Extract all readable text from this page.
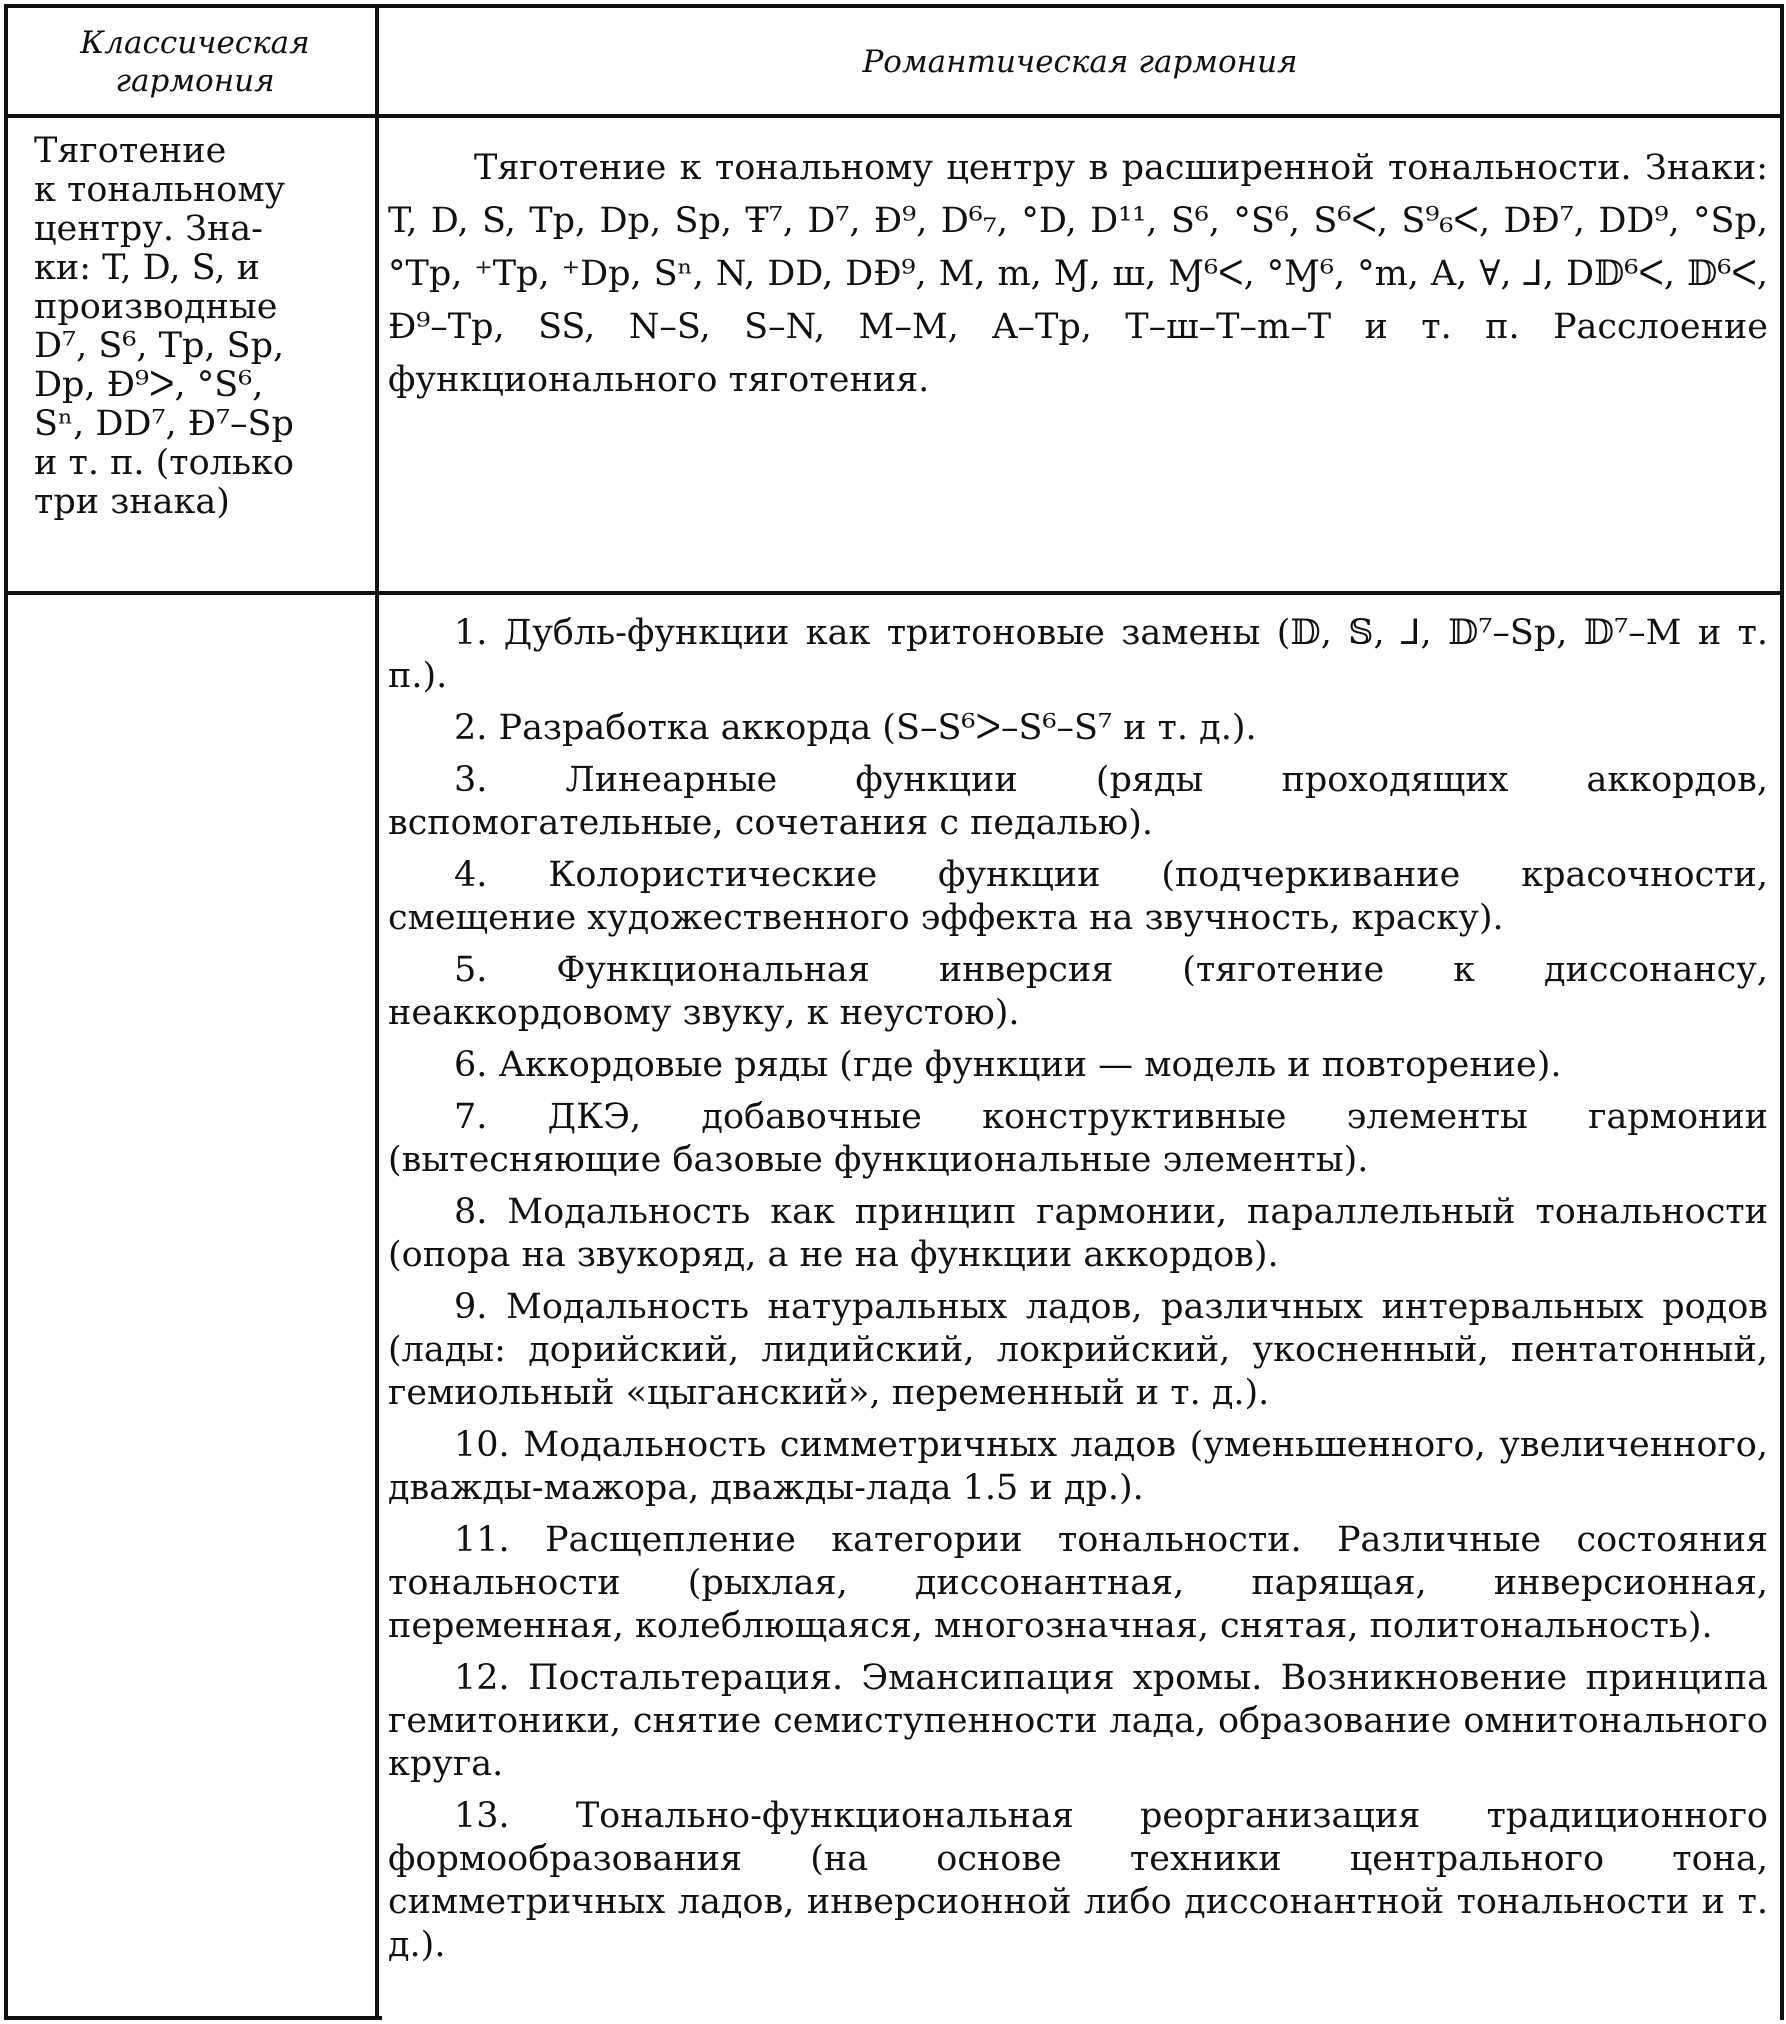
Классическая гармония
Романтическая гармония
Тяготение
к тональному
центру. Зна-
ки: T, D, S, и
производные
D⁷, S⁶, Tp, Sp,
Dp, Đ⁹ᐳ, °S⁶,
Sⁿ, DD⁷, Đ⁷–Sp
и т. п. (только
три знака)
Тяготение к тональному центру в расширенной тональности. Знаки: T, D, S, Tp, Dp, Sp, Ŧ⁷, D⁷, Đ⁹, D⁶₇, °D, D¹¹, S⁶, °S⁶, S⁶ᐸ, S⁹₆ᐸ, DĐ⁷, DD⁹, °Sp, °Tp, ⁺Tp, ⁺Dp, Sⁿ, N, DD, DĐ⁹, M, m, Ɱ, ш, Ɱ⁶ᐸ, °Ɱ⁶, °m, A, ∀, ⅃, D𝔻⁶ᐸ, 𝔻⁶ᐸ, Đ⁹–Tp, SS, N–S, S–N, M–M, A–Tp, T–ш–T–m–T и т. п. Расслоение функционального тяготения.
1. Дубль-функции как тритоновые замены (𝔻, 𝕊, ⅃, 𝔻⁷–Sp, 𝔻⁷–M и т. п.).
2. Разработка аккорда (S–S⁶ᐳ–S⁶–S⁷ и т. д.).
3. Линеарные функции (ряды проходящих аккордов, вспомогательные, сочетания с педалью).
4. Колористические функции (подчеркивание красочности, смещение художественного эффекта на звучность, краску).
5. Функциональная инверсия (тяготение к диссонансу, неаккордовому звуку, к неустою).
6. Аккордовые ряды (где функции — модель и повторение).
7. ДКЭ, добавочные конструктивные элементы гармонии (вытесняющие базовые функциональные элементы).
8. Модальность как принцип гармонии, параллельный тональности (опора на звукоряд, а не на функции аккордов).
9. Модальность натуральных ладов, различных интервальных родов (лады: дорийский, лидийский, локрийский, укосненный, пентатонный, гемиольный «цыганский», переменный и т. д.).
10. Модальность симметричных ладов (уменьшенного, увеличенного, дважды-мажора, дважды-лада 1.5 и др.).
11. Расщепление категории тональности. Различные состояния тональности (рыхлая, диссонантная, парящая, инверсионная, переменная, колеблющаяся, многозначная, снятая, политональность).
12. Постальтерация. Эмансипация хромы. Возникновение принципа гемитоники, снятие семиступенности лада, образование омнитонального круга.
13. Тонально-функциональная реорганизация традиционного формообразования (на основе техники центрального тона, симметричных ладов, инверсионной либо диссонантной тональности и т. д.).
